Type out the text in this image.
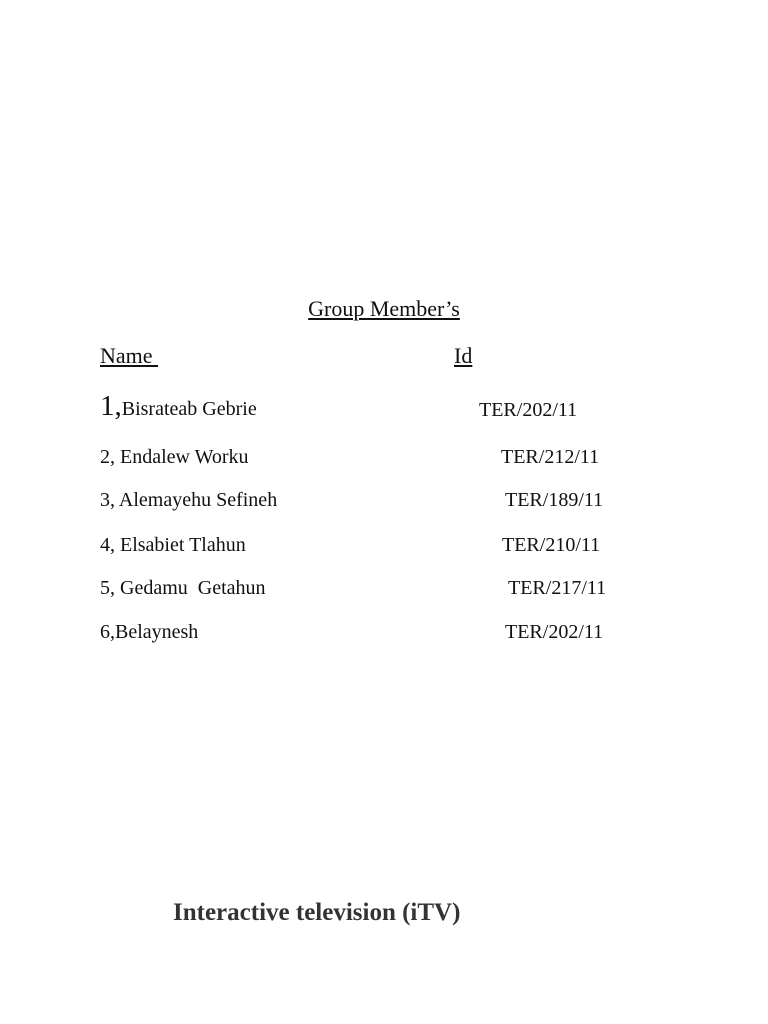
Group Member’s
Name	Id
1,Bisrateab Gebrie	TER/202/11
2, Endalew Worku	TER/212/11
3, Alemayehu Sefineh	TER/189/11
4, Elsabiet Tlahun	TER/210/11
5, Gedamu  Getahun	TER/217/11
6,Belaynesh	TER/202/11
Interactive television (iTV)
